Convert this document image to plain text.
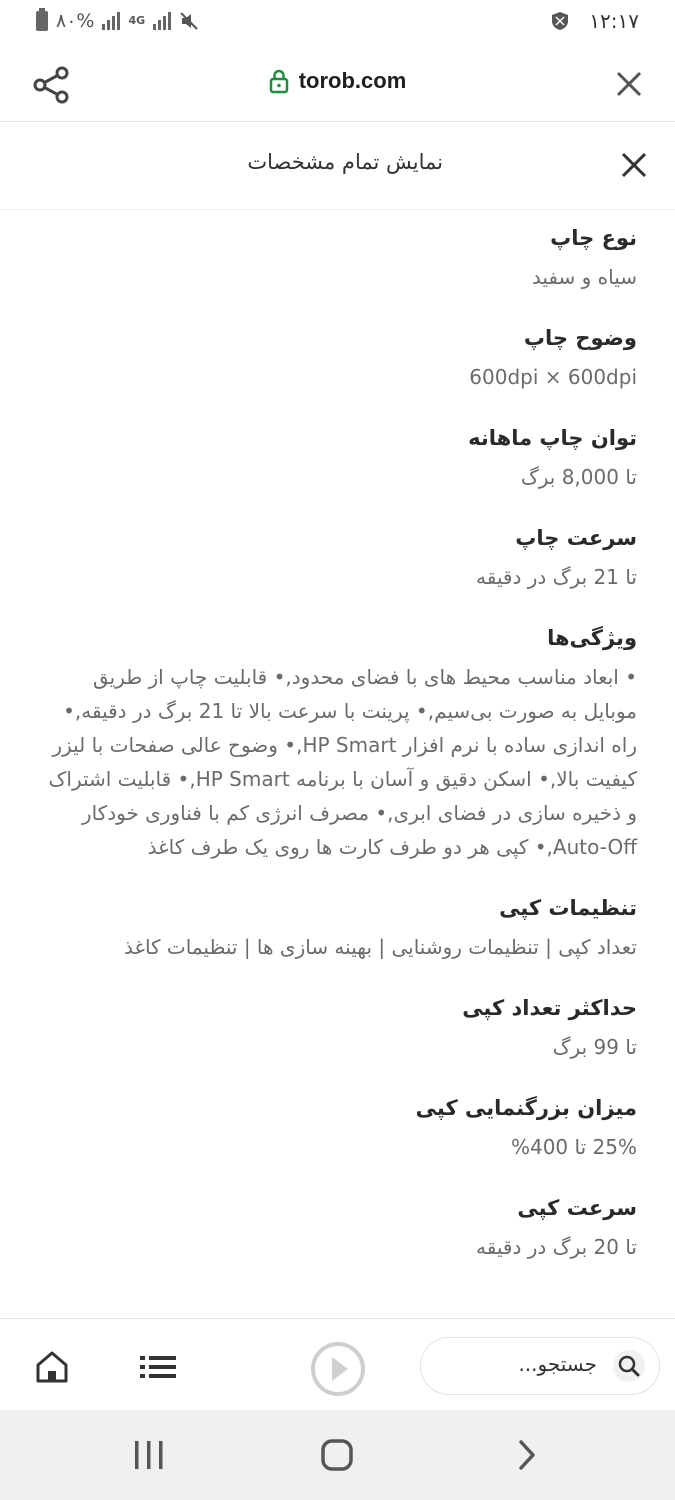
۸۰%	4G	۱۲:۱۷
torob.com
نمایش تمام مشخصات
نوع چاپ
سیاه و سفید
وضوح چاپ
600dpi × 600dpi
توان چاپ ماهانه
تا 8,000 برگ
سرعت چاپ
تا 21 برگ در دقیقه
ویژگی‌ها
• ابعاد مناسب محیط های با فضای محدود,• قابلیت چاپ از طریق موبایل به صورت بی‌سیم,• پرینت با سرعت بالا تا 21 برگ در دقیقه,• راه اندازی ساده با نرم افزار HP Smart,• وضوح عالی صفحات با لیزر کیفیت بالا,• اسکن دقیق و آسان با برنامه HP Smart,• قابلیت اشتراک و ذخیره سازی در فضای ابری,• مصرف انرژی کم با فناوری خودکار Auto-Off,• کپی هر دو طرف کارت ها روی یک طرف کاغذ
تنظیمات کپی
تعداد کپی | تنظیمات روشنایی | بهینه سازی ها | تنظیمات کاغذ
حداکثر تعداد کپی
تا 99 برگ
میزان بزرگنمایی کپی
25% تا 400%
سرعت کپی
تا 20 برگ در دقیقه
جستجو...
